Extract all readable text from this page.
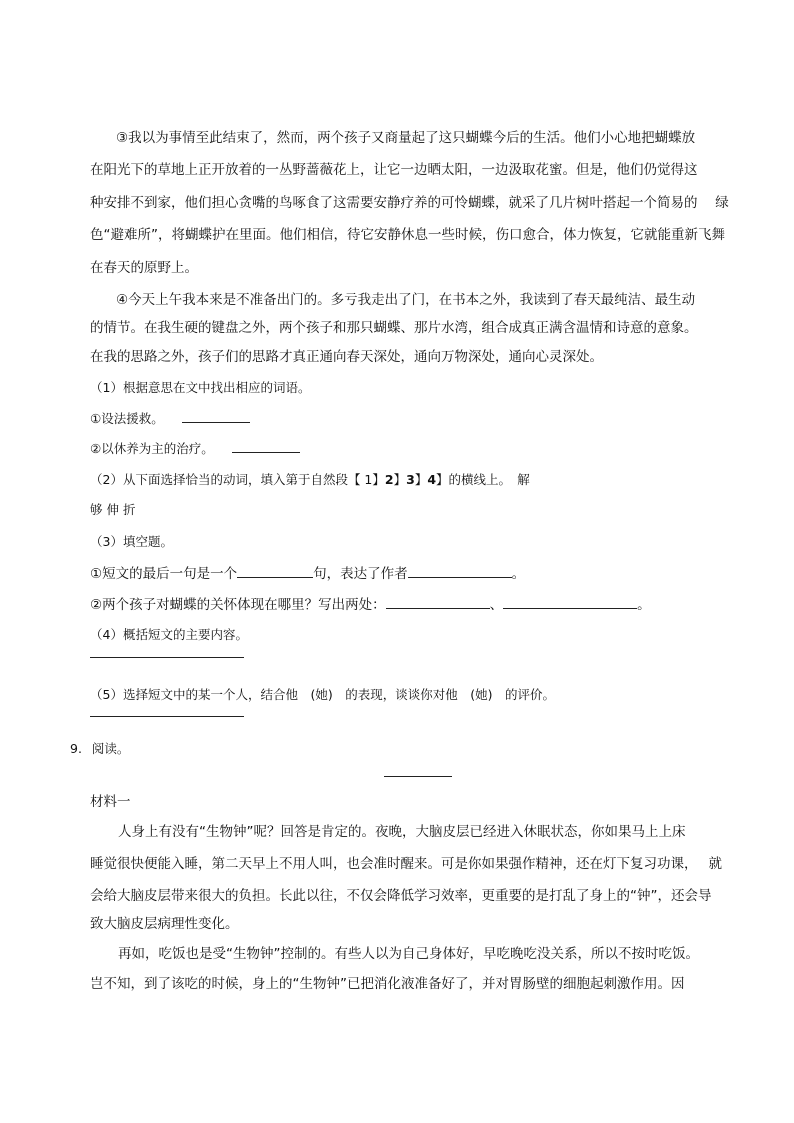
③我以为事情至此结束了，然而，两个孩子又商量起了这只蝴蝶今后的生活。他们小心地把蝴蝶放
在阳光下的草地上正开放着的一丛野蔷薇花上，让它一边晒太阳，一边汲取花蜜。但是，他们仍觉得这
种安排不到家，他们担心贪嘴的鸟啄食了这需要安静疗养的可怜蝴蝶，就采了几片树叶搭起一个简易的　 绿
色“避难所”，将蝴蝶护在里面。他们相信，待它安静休息一些时候，伤口愈合，体力恢复，它就能重新飞舞
在春天的原野上。
④今天上午我本来是不准备出门的。多亏我走出了门，在书本之外，我读到了春天最纯洁、最生动
的情节。在我生硬的键盘之外，两个孩子和那只蝴蝶、那片水湾，组合成真正满含温情和诗意的意象。
在我的思路之外，孩子们的思路才真正通向春天深处，通向万物深处，通向心灵深处。
（1）根据意思在文中找出相应的词语。
①设法援救。
②以休养为主的治疗。
（2）从下面选择恰当的动词，填入第于自然段【 1】2】3】4】的横线上。　解
够 伸 折
（3）填空题。
①短文的最后一句是一个	句，表达了作者	。
②两个孩子对蝴蝶的关怀体现在哪里？写出两处：	、	。
（4）概括短文的主要内容。
（5）选择短文中的某一个人，结合他　(她)　的表现，谈谈你对他　(她)　的评价。
9. 阅读。
材料一
人身上有没有“生物钟”呢？回答是肯定的。夜晚，大脑皮层已经进入休眠状态，你如果马上上床
睡觉很快便能入睡，第二天早上不用人叫，也会准时醒来。可是你如果强作精神，还在灯下复习功课，　 就
会给大脑皮层带来很大的负担。长此以往，不仅会降低学习效率，更重要的是打乱了身上的“钟”，还会导
致大脑皮层病理性变化。
再如，吃饭也是受“生物钟”控制的。有些人以为自己身体好，早吃晚吃没关系，所以不按时吃饭。
岂不知，到了该吃的时候，身上的“生物钟”已把消化液准备好了，并对胃肠壁的细胞起刺激作用。因
